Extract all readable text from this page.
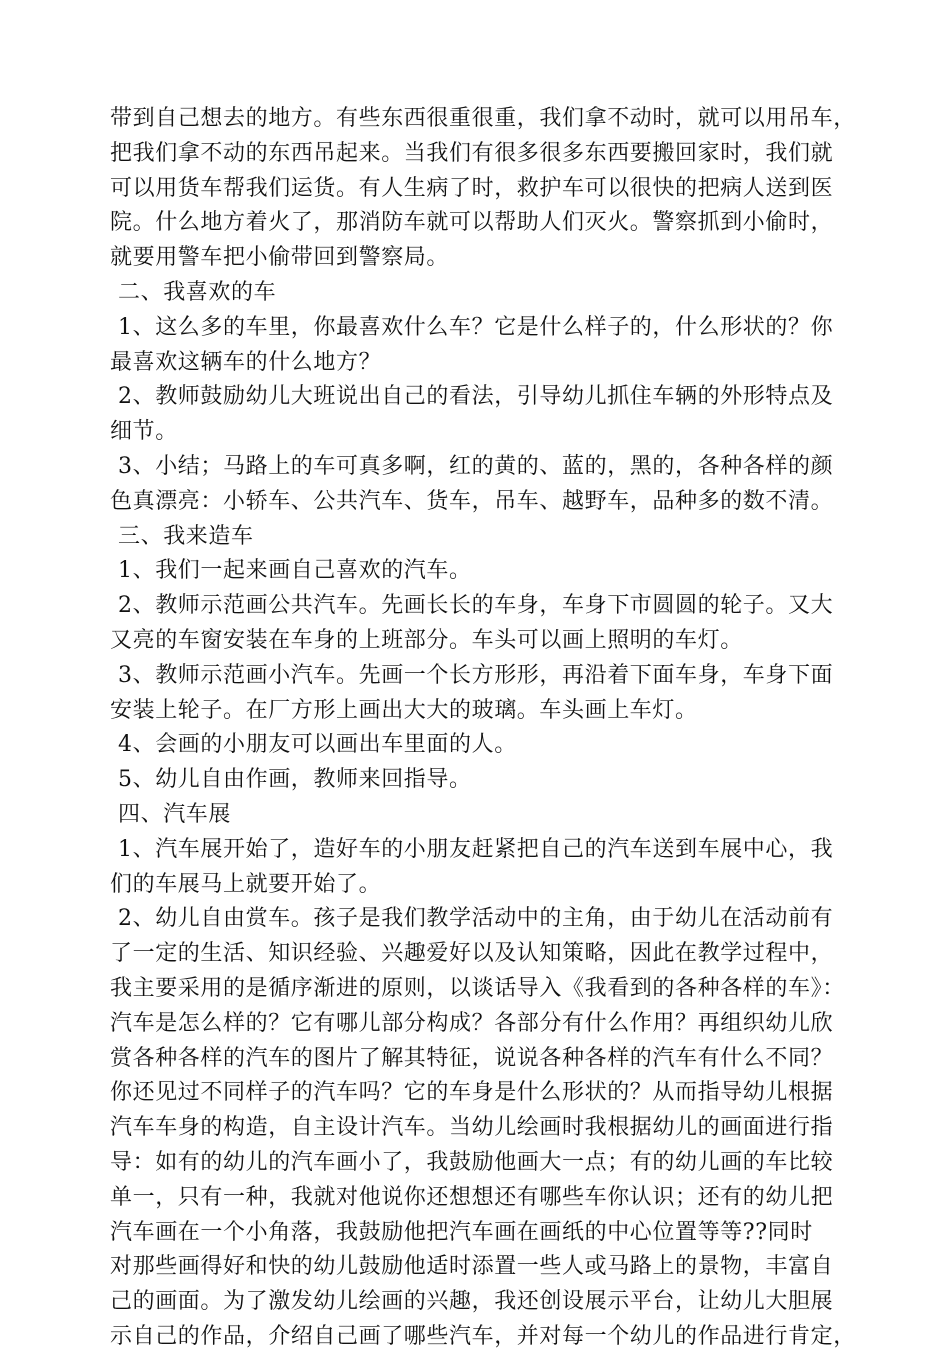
带到自己想去的地方。有些东西很重很重，我们拿不动时，就可以用吊车，
把我们拿不动的东西吊起来。当我们有很多很多东西要搬回家时，我们就
可以用货车帮我们运货。有人生病了时，救护车可以很快的把病人送到医
院。什么地方着火了，那消防车就可以帮助人们灭火。警察抓到小偷时，
就要用警车把小偷带回到警察局。
二、我喜欢的车
1、这么多的车里，你最喜欢什么车？它是什么样子的，什么形状的？你
最喜欢这辆车的什么地方？
2、教师鼓励幼儿大班说出自己的看法，引导幼儿抓住车辆的外形特点及
细节。
3、小结；马路上的车可真多啊，红的黄的、蓝的，黑的，各种各样的颜
色真漂亮：小轿车、公共汽车、货车，吊车、越野车，品种多的数不清。
三、我来造车
1、我们一起来画自己喜欢的汽车。
2、教师示范画公共汽车。先画长长的车身，车身下市圆圆的轮子。又大
又亮的车窗安装在车身的上班部分。车头可以画上照明的车灯。
3、教师示范画小汽车。先画一个长方形形，再沿着下面车身，车身下面
安装上轮子。在厂方形上画出大大的玻璃。车头画上车灯。
4、会画的小朋友可以画出车里面的人。
5、幼儿自由作画，教师来回指导。
四、汽车展
1、汽车展开始了，造好车的小朋友赶紧把自己的汽车送到车展中心，我
们的车展马上就要开始了。
2、幼儿自由赏车。孩子是我们教学活动中的主角，由于幼儿在活动前有
了一定的生活、知识经验、兴趣爱好以及认知策略，因此在教学过程中，
我主要采用的是循序渐进的原则，以谈话导入《我看到的各种各样的车》：
汽车是怎么样的？它有哪儿部分构成？各部分有什么作用？再组织幼儿欣
赏各种各样的汽车的图片了解其特征，说说各种各样的汽车有什么不同？
你还见过不同样子的汽车吗？它的车身是什么形状的？从而指导幼儿根据
汽车车身的构造，自主设计汽车。当幼儿绘画时我根据幼儿的画面进行指
导：如有的幼儿的汽车画小了，我鼓励他画大一点；有的幼儿画的车比较
单一，只有一种，我就对他说你还想想还有哪些车你认识；还有的幼儿把
汽车画在一个小角落，我鼓励他把汽车画在画纸的中心位置等等??同时
对那些画得好和快的幼儿鼓励他适时添置一些人或马路上的景物，丰富自
己的画面。为了激发幼儿绘画的兴趣，我还创设展示平台，让幼儿大胆展
示自己的作品，介绍自己画了哪些汽车，并对每一个幼儿的作品进行肯定，
